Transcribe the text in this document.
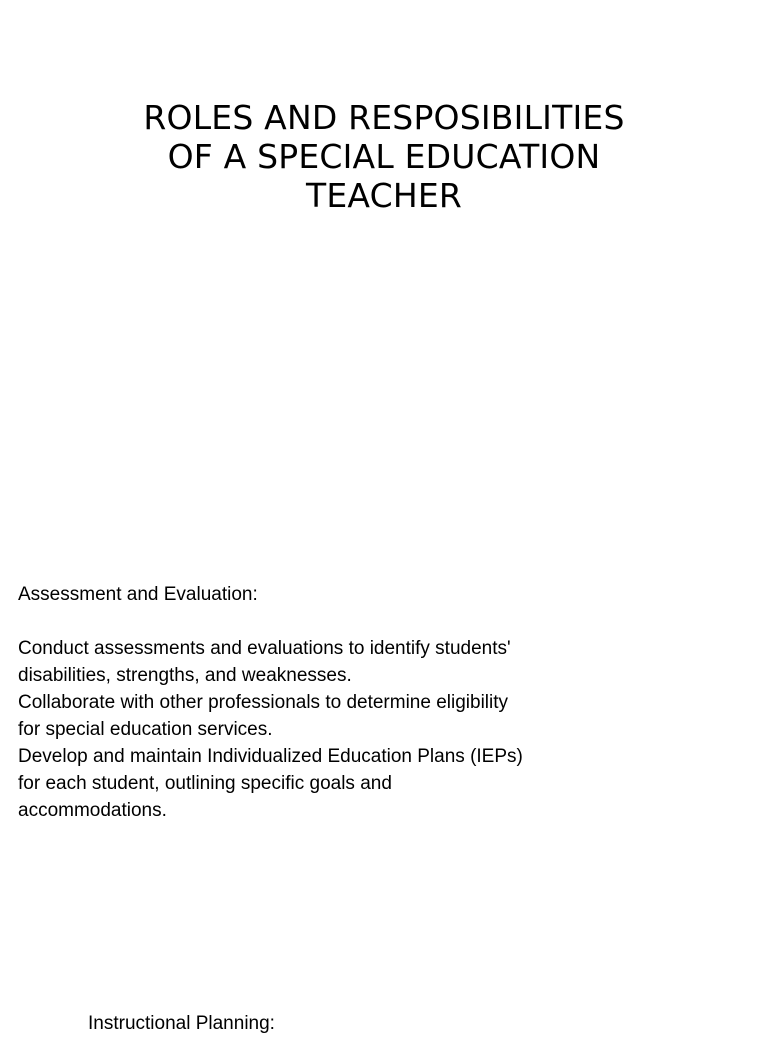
ROLES AND RESPOSIBILITIES
OF A SPECIAL EDUCATION
TEACHER
Assessment and Evaluation:
Conduct assessments and evaluations to identify students'
disabilities, strengths, and weaknesses.
Collaborate with other professionals to determine eligibility
for special education services.
Develop and maintain Individualized Education Plans (IEPs)
for each student, outlining specific goals and
accommodations.
Instructional Planning:
